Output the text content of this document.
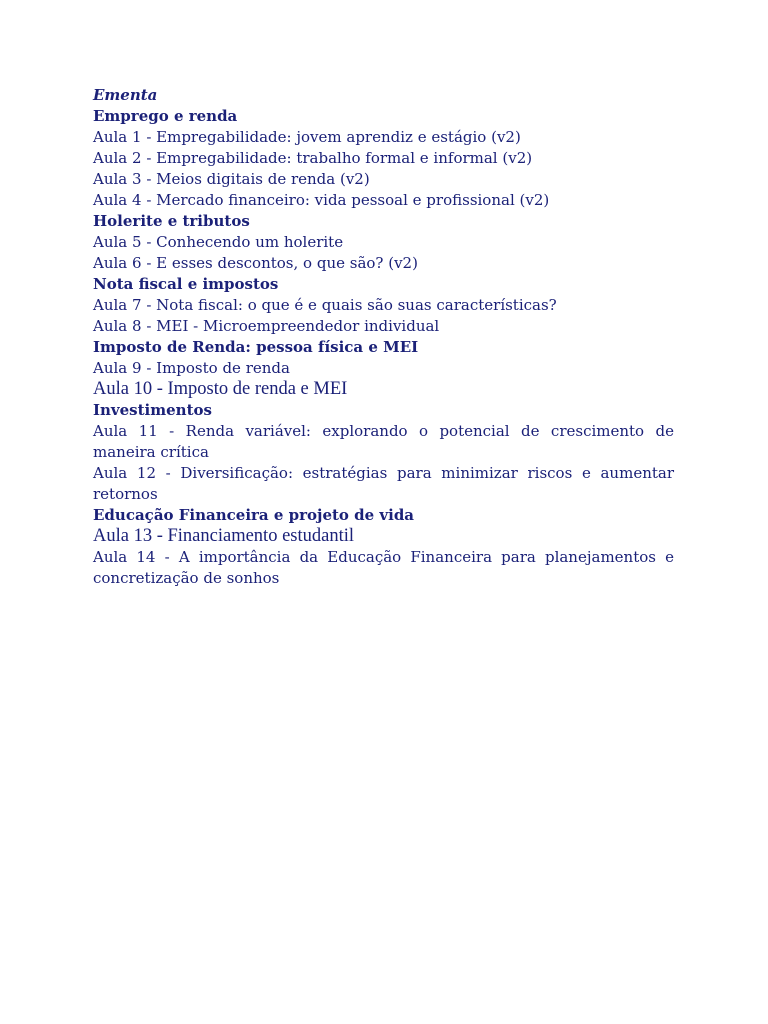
Ementa
Emprego e renda
Aula 1 - Empregabilidade: jovem aprendiz e estágio (v2)
Aula 2 - Empregabilidade: trabalho formal e informal (v2)
Aula 3 - Meios digitais de renda (v2)
Aula 4 - Mercado financeiro: vida pessoal e profissional (v2)
Holerite e tributos
Aula 5 - Conhecendo um holerite
Aula 6 - E esses descontos, o que são? (v2)
Nota fiscal e impostos
Aula 7 - Nota fiscal: o que é e quais são suas características?
Aula 8 - MEI - Microempreendedor individual
Imposto de Renda: pessoa física e MEI
Aula 9 - Imposto de renda
Aula 10 - Imposto de renda e MEI
Investimentos
Aula 11 - Renda variável: explorando o potencial de crescimento de maneira crítica
Aula 12 - Diversificação: estratégias para minimizar riscos e aumentar retornos
Educação Financeira e projeto de vida
Aula 13 - Financiamento estudantil
Aula 14 - A importância da Educação Financeira para planejamentos e concretização de sonhos
